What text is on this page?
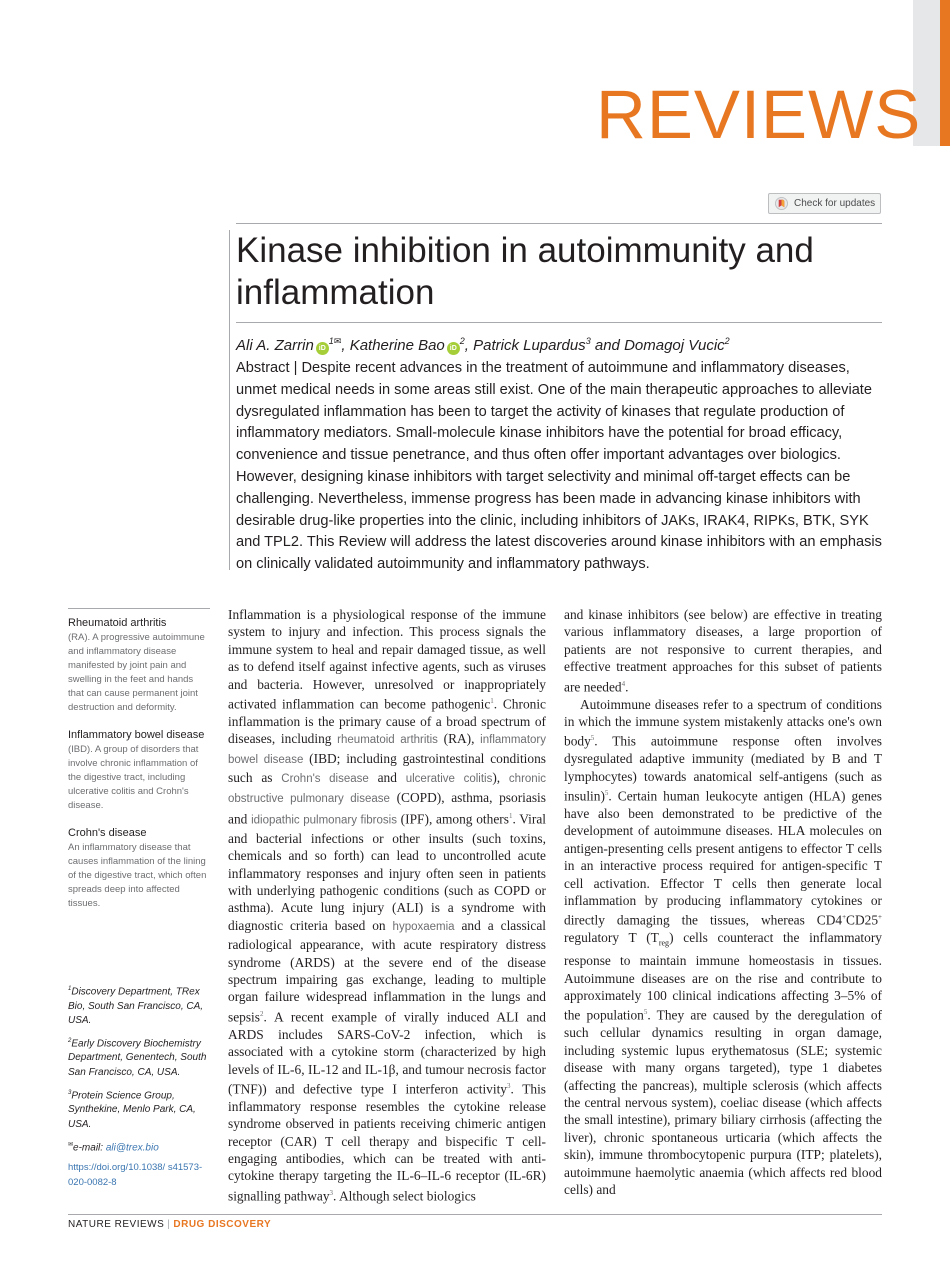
REVIEWS
Check for updates
Kinase inhibition in autoimmunity and inflammation
Ali A. Zarrin $iD^{1✉}$, Katherine Bao $iD^2$, Patrick Lupardus$^3$ and Domagoj Vucic$^2$

Abstract | Despite recent advances in the treatment of autoimmune and inflammatory diseases, unmet medical needs in some areas still exist. One of the main therapeutic approaches to alleviate dysregulated inflammation has been to target the activity of kinases that regulate production of inflammatory mediators. Small-molecule kinase inhibitors have the potential for broad efficacy, convenience and tissue penetrance, and thus often offer important advantages over biologics. However, designing kinase inhibitors with target selectivity and minimal off-target effects can be challenging. Nevertheless, immense progress has been made in advancing kinase inhibitors with desirable drug-like properties into the clinic, including inhibitors of JAKs, IRAK4, RIPKs, BTK, SYK and TPL2. This Review will address the latest discoveries around kinase inhibitors with an emphasis on clinically validated autoimmunity and inflammatory pathways.

Rheumatoid arthritis

(RA). A progressive autoimmune and inflammatory disease manifested by joint pain and swelling in the feet and hands that can cause permanent joint destruction and deformity.

Inflammatory bowel disease

(IBD). A group of disorders that involve chronic inflammation of the digestive tract, including ulcerative colitis and Crohn's disease.

Crohn's disease

An inflammatory disease that causes inflammation of the lining of the digestive tract, which often spreads deep into affected tissues.

$^1$Discovery Department, TRex Bio, South San Francisco, CA, USA.

$^2$Early Discovery Biochemistry Department, Genentech, South San Francisco, CA, USA.

$^3$Protein Science Group, Synthekine, Menlo Park, CA, USA.

✉e-mail: ali@trex.bio

https://doi.org/10.1038/ s41573-020-0082-8

Inflammation is a physiological response of the immune system to injury and infection. This process signals the immune system to heal and repair damaged tissue, as well as to defend itself against infective agents, such as viruses and bacteria. However, unresolved or inappropriately activated inflammation can become pathogenic$^1$. Chronic inflammation is the primary cause of a broad spectrum of diseases, including rheumatoid arthritis (RA), inflammatory bowel disease (IBD; including gastrointestinal conditions such as Crohn's disease and ulcerative colitis), chronic obstructive pulmonary disease (COPD), asthma, psoriasis and idiopathic pulmonary fibrosis (IPF), among others$^1$. Viral and bacterial infections or other insults (such toxins, chemicals and so forth) can lead to uncontrolled acute inflammatory responses and injury often seen in patients with underlying pathogenic conditions (such as COPD or asthma). Acute lung injury (ALI) is a syndrome with diagnostic criteria based on hypoxaemia and a classical radiological appearance, with acute respiratory distress syndrome (ARDS) at the severe end of the disease spectrum impairing gas exchange, leading to multiple organ failure widespread inflammation in the lungs and sepsis$^2$. A recent example of virally induced ALI and ARDS includes SARS-CoV-2 infection, which is associated with a cytokine storm (characterized by high levels of IL-6, IL-12 and IL-1β, and tumour necrosis factor (TNF)) and defective type I interferon activity$^3$. This inflammatory response resembles the cytokine release syndrome observed in patients receiving chimeric antigen receptor (CAR) T cell therapy and bispecific T cell-engaging antibodies, which can be treated with anti-cytokine therapy targeting the IL-6–IL-6 receptor (IL-6R) signalling pathway$^3$. Although select biologics

and kinase inhibitors (see below) are effective in treating various inflammatory diseases, a large proportion of patients are not responsive to current therapies, and effective treatment approaches for this subset of patients are needed$^4$.

Autoimmune diseases refer to a spectrum of conditions in which the immune system mistakenly attacks one's own body$^5$. This autoimmune response often involves dysregulated adaptive immunity (mediated by B and T lymphocytes) towards anatomical self-antigens (such as insulin)$^5$. Certain human leukocyte antigen (HLA) genes have also been demonstrated to be predictive of the development of autoimmune diseases. HLA molecules on antigen-presenting cells present antigens to effector T cells in an interactive process required for antigen-specific T cell activation. Effector T cells then generate local inflammation by producing inflammatory cytokines or directly damaging the tissues, whereas CD4+CD25+ regulatory T $(T_{reg})$ cells counteract the inflammatory response to maintain immune homeostasis in tissues. Autoimmune diseases are on the rise and contribute to approximately 100 clinical indications affecting 3–5% of the population$^5$. They are caused by the deregulation of such cellular dynamics resulting in organ damage, including systemic lupus erythematosus (SLE; systemic disease with many organs targeted), type 1 diabetes (affecting the pancreas), multiple sclerosis (which affects the central nervous system), coeliac disease (which affects the small intestine), primary biliary cirrhosis (affecting the liver), chronic spontaneous urticaria (which affects the skin), immune thrombocytopenic purpura (ITP; platelets), autoimmune haemolytic anaemia (which affects red blood cells) and

NATURE REVIEWS | DRUG DISCOVERY
